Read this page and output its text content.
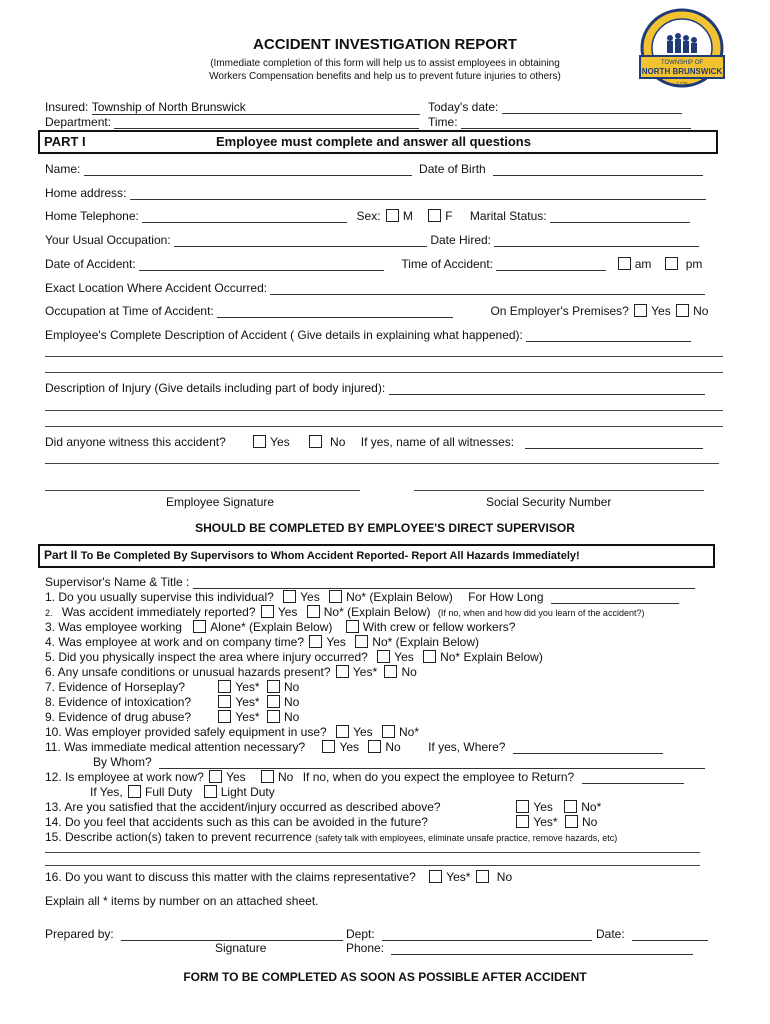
TOWNSHIP OF
NORTH BRUNSWICK
1779
ACCIDENT INVESTIGATION REPORT
(Immediate completion of this form will help us to assist employees in obtaining
Workers Compensation benefits and help us to prevent future injuries to others)
Insured: Township of North Brunswick	Today's date:
Department:	Time:
PART I	Employee must complete and answer all questions
Name:	Date of Birth
Home address:
Home Telephone:	Sex: M	F Marital Status:
Your Usual Occupation:	Date Hired:
Date of Accident:	Time of Accident:	am	pm
Exact Location Where Accident Occurred:
Occupation at Time of Accident:	On Employer's Premises? Yes No
Employee's Complete Description of Accident ( Give details in explaining what happened):
Description of Injury (Give details including part of body injured):
Did anyone witness this accident?	Yes	No If yes, name of all witnesses:
Employee Signature	Social Security Number
SHOULD BE COMPLETED BY EMPLOYEE'S DIRECT SUPERVISOR
Part II To Be Completed By Supervisors to Whom Accident Reported- Report All Hazards Immediately!
Supervisor's Name & Title :
1. Do you usually supervise this individual? Yes No* (Explain Below) For How Long
2. Was accident immediately reported? Yes No* (Explain Below) (If no, when and how did you learn of the accident?)
3. Was employee working Alone* (Explain Below)	With crew or fellow workers?
4. Was employee at work and on company time? Yes No* (Explain Below)
5. Did you physically inspect the area where injury occurred? Yes No* Explain Below)
6. Any unsafe conditions or unusual hazards present? Yes* No
7. Evidence of Horseplay?	Yes* No
8. Evidence of intoxication?	Yes* No
9. Evidence of drug abuse?	Yes* No
10. Was employer provided safely equipment in use? Yes No*
11. Was immediate medical attention necessary?	Yes No If yes, Where?
By Whom?
12. Is employee at work now? Yes	No If no, when do you expect the employee to Return?
If Yes, Full Duty Light Duty
13. Are you satisfied that the accident/injury occurred as described above?	Yes No*
14. Do you feel that accidents such as this can be avoided in the future?	Yes* No
15. Describe action(s) taken to prevent recurrence (safety talk with employees, eliminate unsafe practice, remove hazards, etc)
16. Do you want to discuss this matter with the claims representative?	Yes* No
Explain all * items by number on an attached sheet.
Prepared by:	Dept:	Date:
Signature	Phone:
FORM TO BE COMPLETED AS SOON AS POSSIBLE AFTER ACCIDENT
